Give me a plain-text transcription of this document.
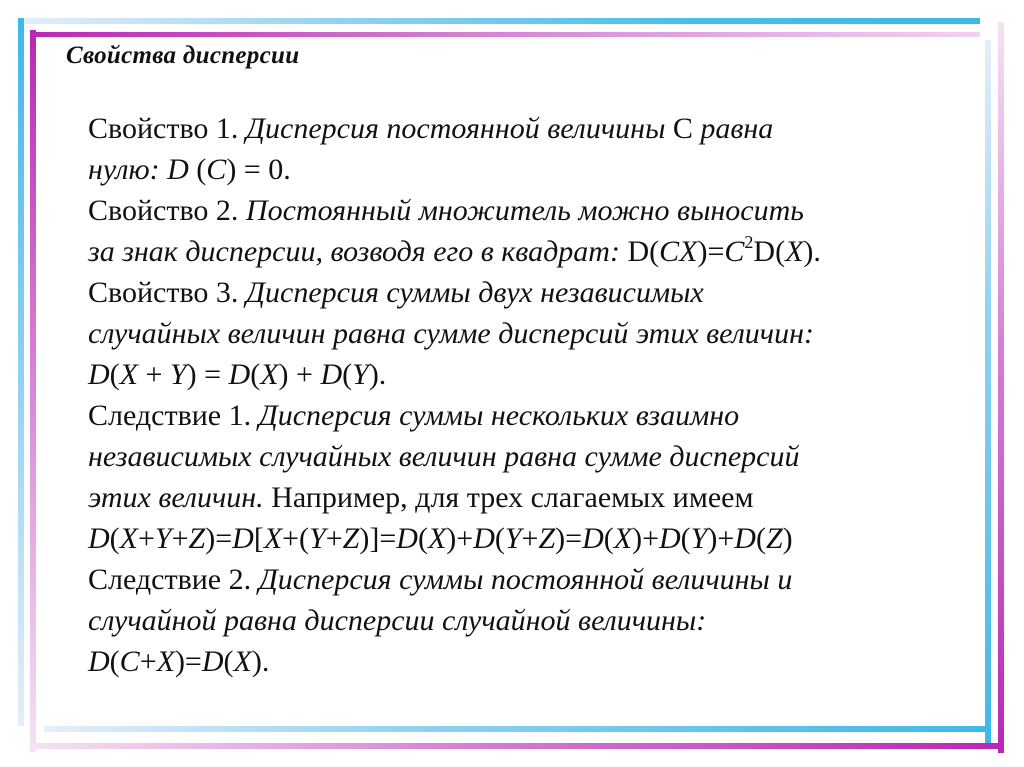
Свойства дисперсии
Свойство 1. Дисперсия постоянной величины C равна
нулю: D (C) = 0.
Свойство 2. Постоянный множитель можно выносить
за знак дисперсии, возводя его в квадрат: $D(CX)=C^2D(X)$.
Свойство 3. Дисперсия суммы двух независимых
случайных величин равна сумме дисперсий этих величин:
D(X + Y) = D(X) + D(Y).
Следствие 1. Дисперсия суммы нескольких взаимно
независимых случайных величин равна сумме дисперсий
этих величин. Например, для трех слагаемых имеем
D(X+Y+Z)=D[X+(Y+Z)]=D(X)+D(Y+Z)=D(X)+D(Y)+D(Z)
Следствие 2. Дисперсия суммы постоянной величины и
случайной равна дисперсии случайной величины:
D(C+X)=D(X).
